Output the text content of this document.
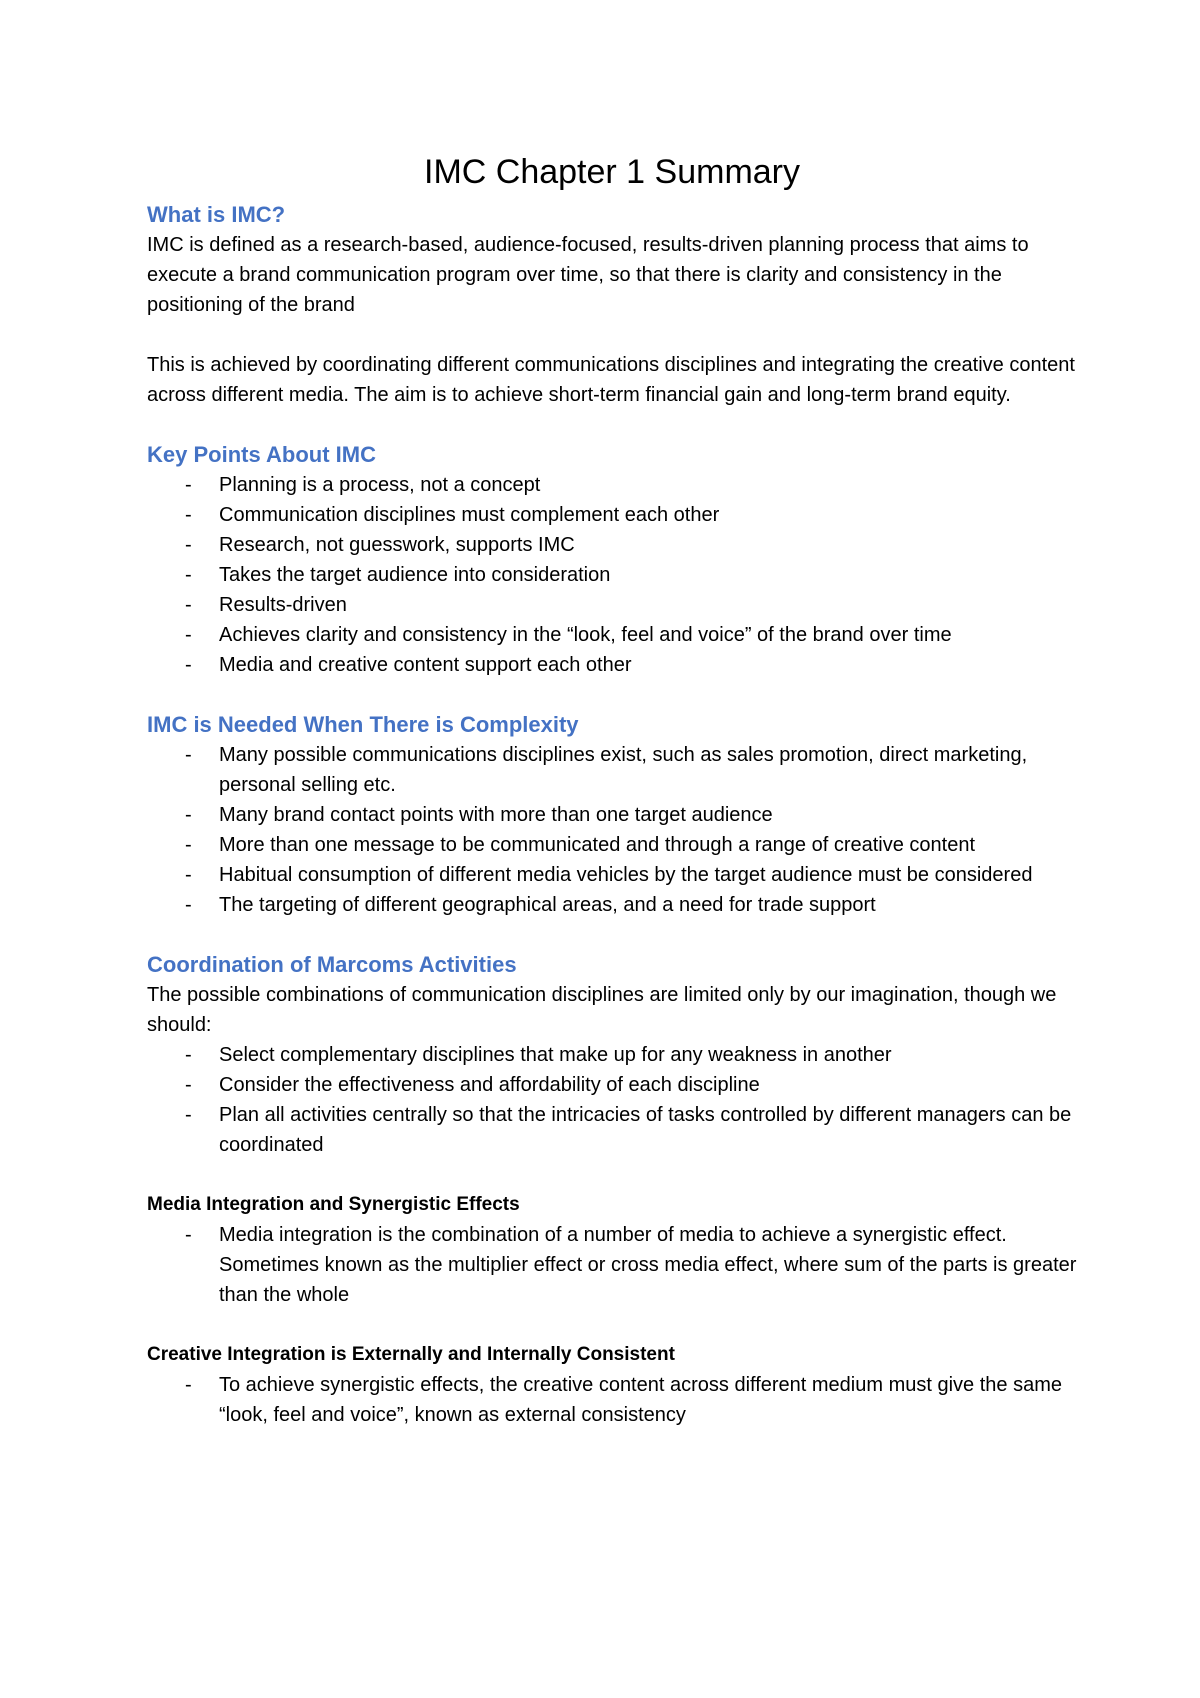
IMC Chapter 1 Summary
What is IMC?

IMC is defined as a research-based, audience-focused, results-driven planning process that aims to execute a brand communication program over time, so that there is clarity and consistency in the positioning of the brand

This is achieved by coordinating different communications disciplines and integrating the creative content across different media. The aim is to achieve short-term financial gain and long-term brand equity.

Key Points About IMC
- Planning is a process, not a concept
- Communication disciplines must complement each other
- Research, not guesswork, supports IMC
- Takes the target audience into consideration
- Results-driven
- Achieves clarity and consistency in the “look, feel and voice” of the brand over time
- Media and creative content support each other
IMC is Needed When There is Complexity
- Many possible communications disciplines exist, such as sales promotion, direct marketing, personal selling etc.
- Many brand contact points with more than one target audience
- More than one message to be communicated and through a range of creative content
- Habitual consumption of different media vehicles by the target audience must be considered
- The targeting of different geographical areas, and a need for trade support
Coordination of Marcoms Activities

The possible combinations of communication disciplines are limited only by our imagination, though we should:

- Select complementary disciplines that make up for any weakness in another
- Consider the effectiveness and affordability of each discipline
- Plan all activities centrally so that the intricacies of tasks controlled by different managers can be coordinated
Media Integration and Synergistic Effects
- Media integration is the combination of a number of media to achieve a synergistic effect. Sometimes known as the multiplier effect or cross media effect, where sum of the parts is greater than the whole
Creative Integration is Externally and Internally Consistent
- To achieve synergistic effects, the creative content across different medium must give the same “look, feel and voice”, known as external consistency
